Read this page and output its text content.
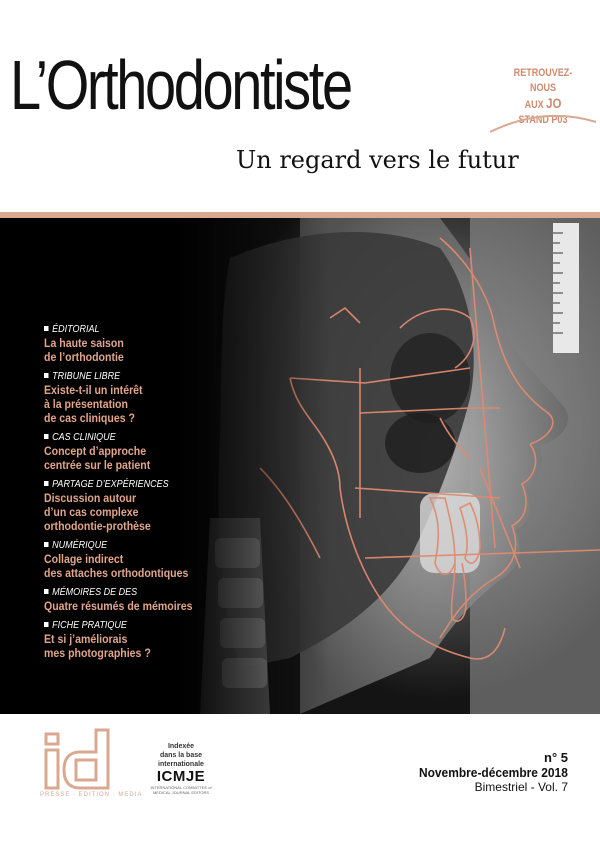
L’Orthodontiste
Un regard vers le futur
RETROUVEZ-NOUS
AUX JO
STAND P03
ÉDITORIAL
La haute saison
de l’orthodontie
TRIBUNE LIBRE
Existe-t-il un intérêt
à la présentation
de cas cliniques ?
CAS CLINIQUE
Concept d’approche
centrée sur le patient
PARTAGE D’EXPÉRIENCES
Discussion autour
d’un cas complexe
orthodontie-prothèse
NUMÉRIQUE
Collage indirect
des attaches orthodontiques
MÉMOIRES DE DES
Quatre résumés de mémoires
FICHE PRATIQUE
Et si j’améliorais
mes photographies ?
PRESSE · EDITION · MEDIA
Indexée
dans la base
internationale
ICMJE
INTERNATIONAL COMMITTEE of MEDICAL JOURNAL EDITORS
n° 5
Novembre-décembre 2018
Bimestriel - Vol. 7
